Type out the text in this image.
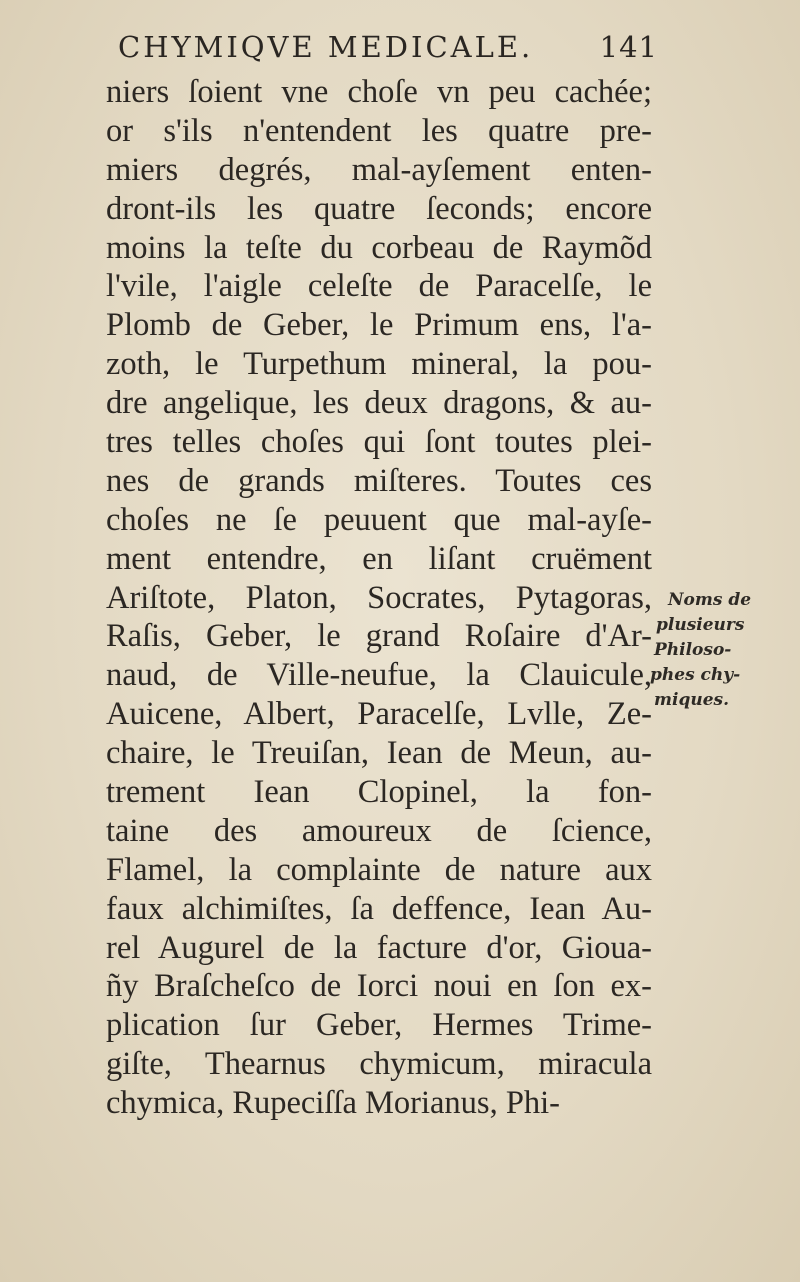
CHYMIQVE MEDICALE. 141
niers ſoient vne choſe vn peu cachée;
or s'ils n'entendent les quatre pre-
miers degrés, mal-ayſement enten-
dront-ils les quatre ſeconds; encore
moins la teſte du corbeau de Raymõd
l'vile, l'aigle celeſte de Paracelſe, le
Plomb de Geber, le Primum ens, l'a-
zoth, le Turpethum mineral, la pou-
dre angelique, les deux dragons, & au-
tres telles choſes qui ſont toutes plei-
nes de grands miſteres. Toutes ces
choſes ne ſe peuuent que mal-ayſe-
ment entendre, en liſant cruëment
Ariſtote, Platon, Socrates, Pytagoras,
Raſis, Geber, le grand Roſaire d'Ar-
naud, de Ville-neufue, la Clauicule,
Auicene, Albert, Paracelſe, Lvlle, Ze-
chaire, le Treuiſan, Iean de Meun, au-
trement Iean Clopinel, la fon-
taine des amoureux de ſcience,
Flamel, la complainte de nature aux
faux alchimiſtes, ſa deffence, Iean Au-
rel Augurel de la facture d'or, Gioua-
ñy Braſcheſco de Iorci noui en ſon ex-
plication ſur Geber, Hermes Trime-
giſte, Thearnus chymicum, miracula
chymica, Rupeciſſa Morianus, Phi-
Noms de
plusieurs
Philoso-
phes chy-
miques.
